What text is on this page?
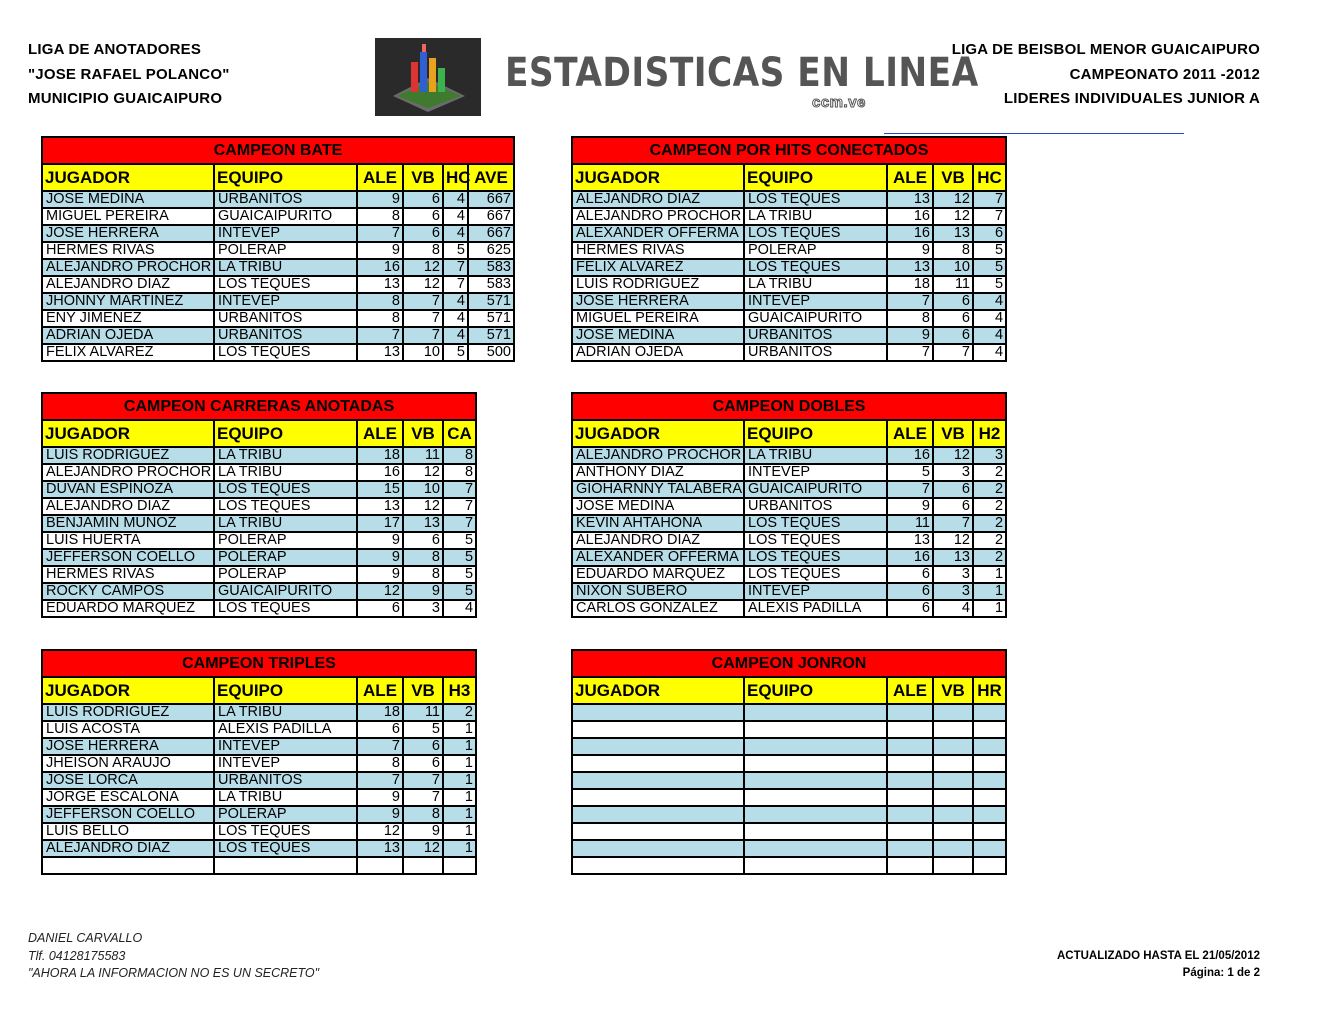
LIGA DE ANOTADORES
"JOSE RAFAEL POLANCO"
MUNICIPIO GUAICAIPURO
ESTADISTICAS EN LINEA
ccm.ve
LIGA DE BEISBOL MENOR GUAICAIPURO
CAMPEONATO 2011 -2012
LIDERES INDIVIDUALES JUNIOR A
CAMPEON BATE					
JUGADOR	EQUIPO	ALE	VB	HC	AVE
JOSE MEDINA	URBANITOS	9	6	4	667
MIGUEL PEREIRA	GUAICAIPURITO	8	6	4	667
JOSE HERRERA	INTEVEP	7	6	4	667
HERMES RIVAS	POLERAP	9	8	5	625
ALEJANDRO PROCHOR	LA TRIBU	16	12	7	583
ALEJANDRO DIAZ	LOS TEQUES	13	12	7	583
JHONNY MARTINEZ	INTEVEP	8	7	4	571
ENY JIMENEZ	URBANITOS	8	7	4	571
ADRIAN OJEDA	URBANITOS	7	7	4	571
FELIX ALVAREZ	LOS TEQUES	13	10	5	500
CAMPEON POR HITS CONECTADOS				
JUGADOR	EQUIPO	ALE	VB	HC
ALEJANDRO DIAZ	LOS TEQUES	13	12	7
ALEJANDRO PROCHOR	LA TRIBU	16	12	7
ALEXANDER OFFERMA	LOS TEQUES	16	13	6
HERMES RIVAS	POLERAP	9	8	5
FELIX ALVAREZ	LOS TEQUES	13	10	5
LUIS RODRIGUEZ	LA TRIBU	18	11	5
JOSE HERRERA	INTEVEP	7	6	4
MIGUEL PEREIRA	GUAICAIPURITO	8	6	4
JOSE MEDINA	URBANITOS	9	6	4
ADRIAN OJEDA	URBANITOS	7	7	4
CAMPEON CARRERAS ANOTADAS				
JUGADOR	EQUIPO	ALE	VB	CA
LUIS RODRIGUEZ	LA TRIBU	18	11	8
ALEJANDRO PROCHOR	LA TRIBU	16	12	8
DUVAN ESPINOZA	LOS TEQUES	15	10	7
ALEJANDRO DIAZ	LOS TEQUES	13	12	7
BENJAMIN MUÑOZ	LA TRIBU	17	13	7
LUIS HUERTA	POLERAP	9	6	5
JEFFERSON COELLO	POLERAP	9	8	5
HERMES RIVAS	POLERAP	9	8	5
ROCKY CAMPOS	GUAICAIPURITO	12	9	5
EDUARDO MARQUEZ	LOS TEQUES	6	3	4
CAMPEON DOBLES				
JUGADOR	EQUIPO	ALE	VB	H2
ALEJANDRO PROCHOR	LA TRIBU	16	12	3
ANTHONY DIAZ	INTEVEP	5	3	2
GIOHARNNY TALABERA	GUAICAIPURITO	7	6	2
JOSE MEDINA	URBANITOS	9	6	2
KEVIN AHTAHONA	LOS TEQUES	11	7	2
ALEJANDRO DIAZ	LOS TEQUES	13	12	2
ALEXANDER OFFERMA	LOS TEQUES	16	13	2
EDUARDO MARQUEZ	LOS TEQUES	6	3	1
NIXON SUBERO	INTEVEP	6	3	1
CARLOS GONZALEZ	ALEXIS PADILLA	6	4	1
CAMPEON TRIPLES				
JUGADOR	EQUIPO	ALE	VB	H3
LUIS RODRIGUEZ	LA TRIBU	18	11	2
LUIS ACOSTA	ALEXIS PADILLA	6	5	1
JOSE HERRERA	INTEVEP	7	6	1
JHEISON ARAUJO	INTEVEP	8	6	1
JOSE LORCA	URBANITOS	7	7	1
JORGE ESCALONA	LA TRIBU	9	7	1
JEFFERSON COELLO	POLERAP	9	8	1
LUIS BELLO	LOS TEQUES	12	9	1
ALEJANDRO DIAZ	LOS TEQUES	13	12	1

CAMPEON JONRON				
JUGADOR	EQUIPO	ALE	VB	HR

DANIEL CARVALLO
Tlf. 04128175583
"AHORA LA INFORMACION NO ES UN SECRETO"
ACTUALIZADO HASTA EL 21/05/2012
Página: 1 de 2
